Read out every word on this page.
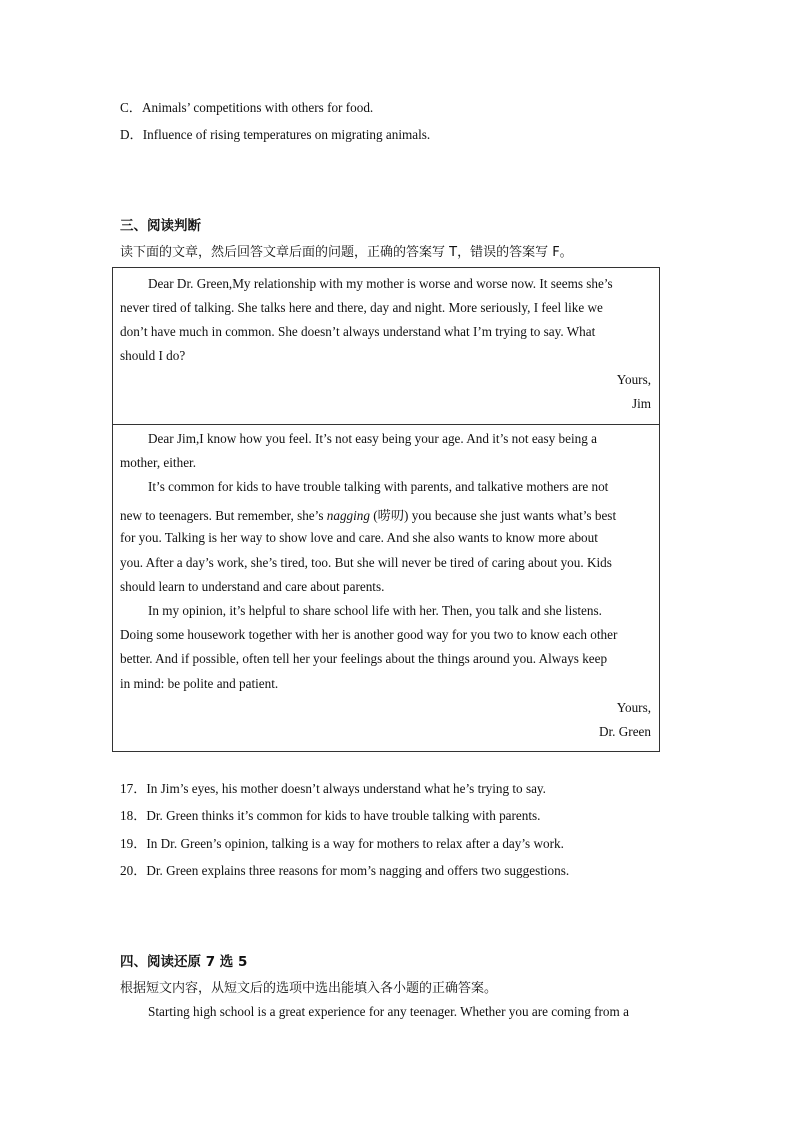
C．Animals’ competitions with others for food.
D．Influence of rising temperatures on migrating animals.
三、阅读判断
读下面的文章，然后回答文章后面的问题，正确的答案写 T，错误的答案写 F。
Dear Dr. Green,My relationship with my mother is worse and worse now. It seems she’s
never tired of talking. She talks here and there, day and night. More seriously, I feel like we
don’t have much in common. She doesn’t always understand what I’m trying to say. What
should I do?
Yours,
Jim
Dear Jim,I know how you feel. It’s not easy being your age. And it’s not easy being a
mother, either.
It’s common for kids to have trouble talking with parents, and talkative mothers are not
new to teenagers. But remember, she’s nagging (唠叨) you because she just wants what’s best
for you. Talking is her way to show love and care. And she also wants to know more about
you. After a day’s work, she’s tired, too. But she will never be tired of caring about you. Kids
should learn to understand and care about parents.
In my opinion, it’s helpful to share school life with her. Then, you talk and she listens.
Doing some housework together with her is another good way for you two to know each other
better. And if possible, often tell her your feelings about the things around you. Always keep
in mind: be polite and patient.
Yours,
Dr. Green
17．In Jim’s eyes, his mother doesn’t always understand what he’s trying to say.
18．Dr. Green thinks it’s common for kids to have trouble talking with parents.
19．In Dr. Green’s opinion, talking is a way for mothers to relax after a day’s work.
20．Dr. Green explains three reasons for mom’s nagging and offers two suggestions.
四、阅读还原 7 选 5
根据短文内容，从短文后的选项中选出能填入各小题的正确答案。
Starting high school is a great experience for any teenager. Whether you are coming from a
